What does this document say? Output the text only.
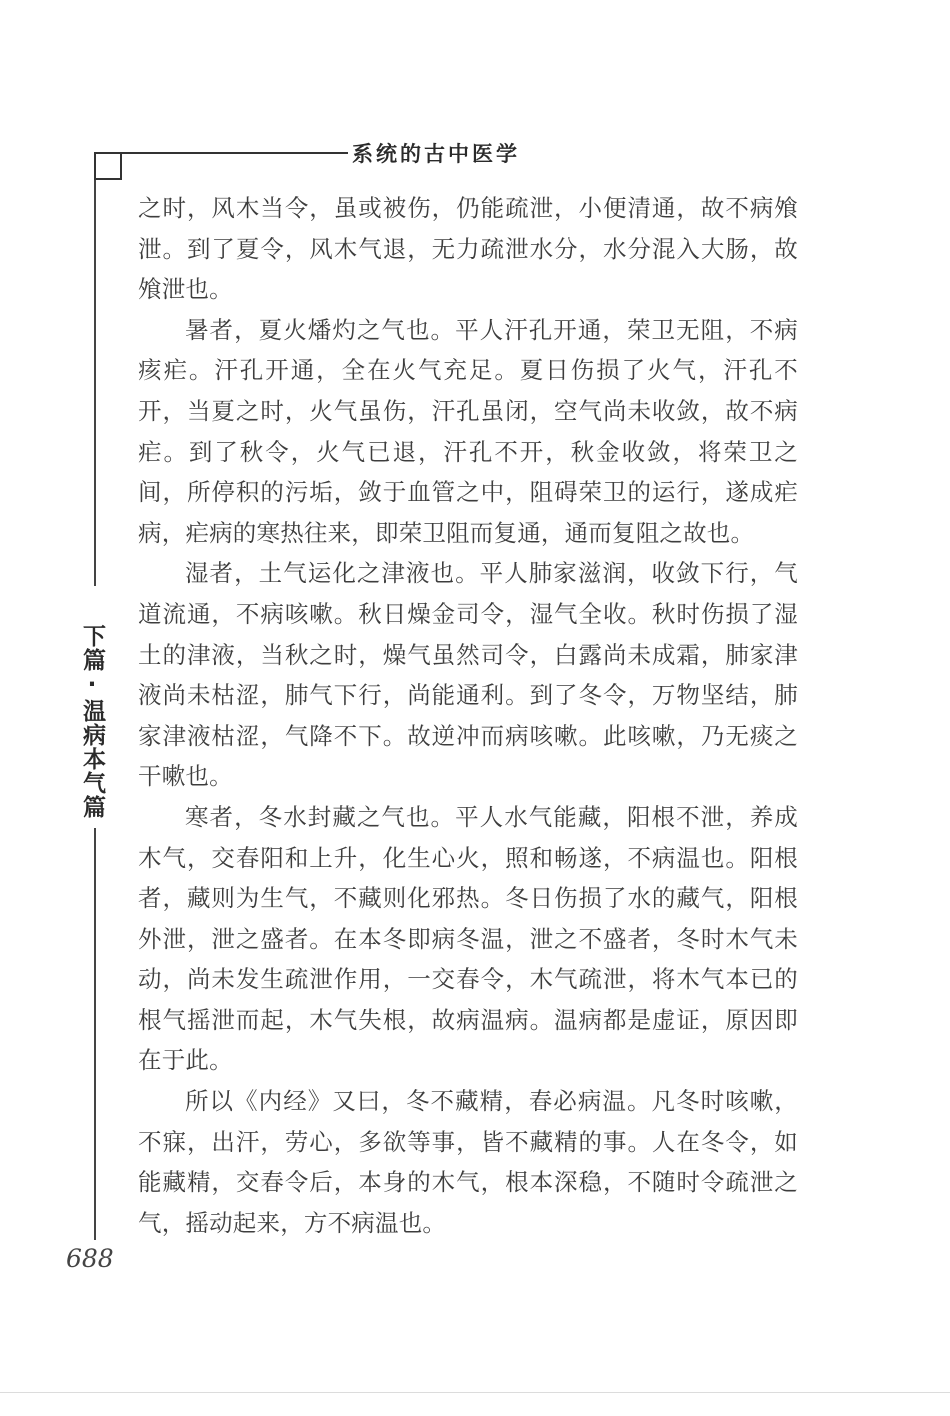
系统的古中医学
下篇·温病本气篇

之时，风木当令，虽或被伤，仍能疏泄，小便清通，故不病飧泄。到了夏令，风木气退，无力疏泄水分，水分混入大肠，故飧泄也。

暑者，夏火燔灼之气也。平人汗孔开通，荣卫无阻，不病痎疟。汗孔开通，全在火气充足。夏日伤损了火气，汗孔不开，当夏之时，火气虽伤，汗孔虽闭，空气尚未收敛，故不病疟。到了秋令，火气已退，汗孔不开，秋金收敛，将荣卫之间，所停积的污垢，敛于血管之中，阻碍荣卫的运行，遂成疟病，疟病的寒热往来，即荣卫阻而复通，通而复阻之故也。

湿者，土气运化之津液也。平人肺家滋润，收敛下行，气道流通，不病咳嗽。秋日燥金司令，湿气全收。秋时伤损了湿土的津液，当秋之时，燥气虽然司令，白露尚未成霜，肺家津液尚未枯涩，肺气下行，尚能通利。到了冬令，万物坚结，肺家津液枯涩，气降不下。故逆冲而病咳嗽。此咳嗽，乃无痰之干嗽也。

寒者，冬水封藏之气也。平人水气能藏，阳根不泄，养成木气，交春阳和上升，化生心火，照和畅遂，不病温也。阳根者，藏则为生气，不藏则化邪热。冬日伤损了水的藏气，阳根外泄，泄之盛者。在本冬即病冬温，泄之不盛者，冬时木气未动，尚未发生疏泄作用，一交春令，木气疏泄，将木气本已的根气摇泄而起，木气失根，故病温病。温病都是虚证，原因即在于此。

所以《内经》又曰，冬不藏精，春必病温。凡冬时咳嗽，不寐，出汗，劳心，多欲等事，皆不藏精的事。人在冬令，如能藏精，交春令后，本身的木气，根本深稳，不随时令疏泄之气，摇动起来，方不病温也。

688
